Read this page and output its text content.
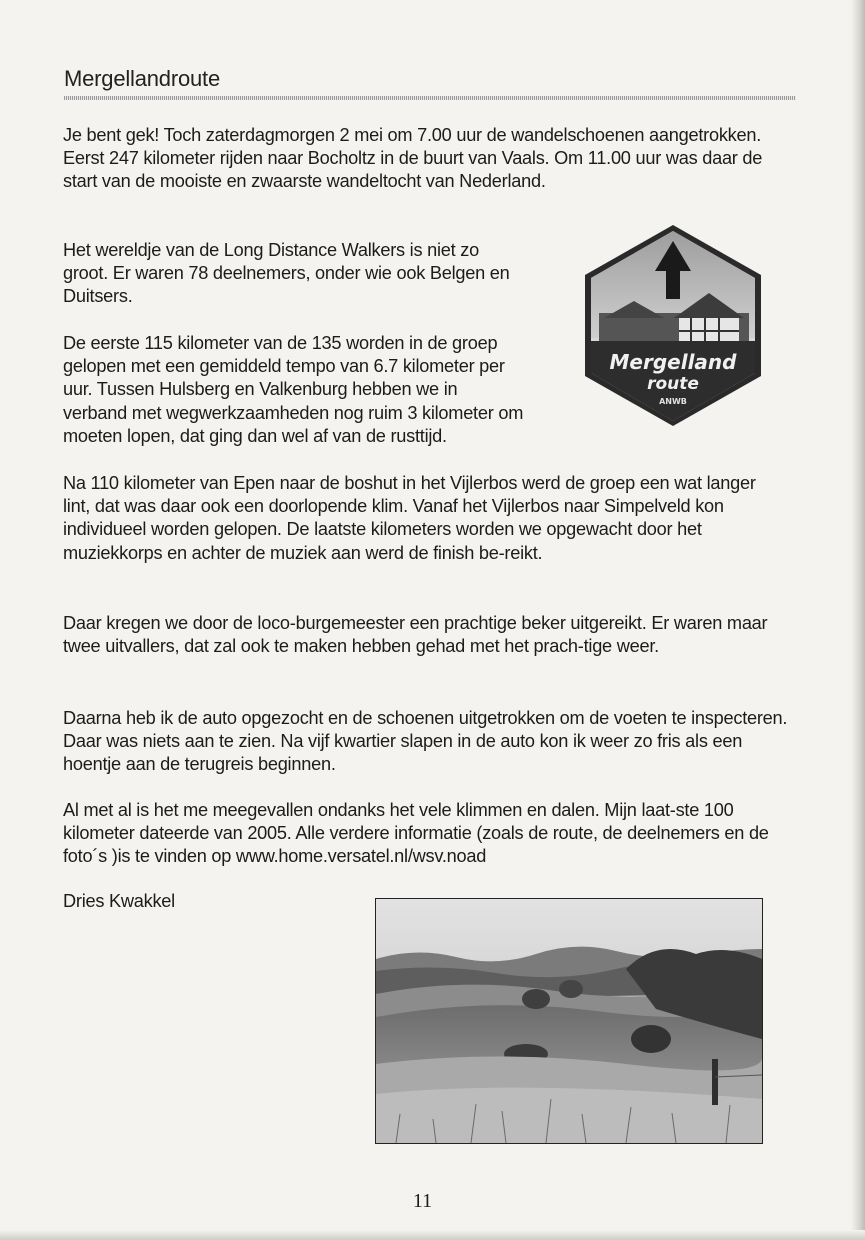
Mergellandroute

Je bent gek! Toch zaterdagmorgen 2 mei om 7.00 uur de wandelschoenen aangetrokken. Eerst 247 kilometer rijden naar Bocholtz in de buurt van Vaals. Om 11.00 uur was daar de start van de mooiste en zwaarste wandeltocht van Nederland.

Het wereldje van de Long Distance Walkers is niet zo groot. Er waren 78 deelnemers, onder wie ook Belgen en Duitsers.

De eerste 115 kilometer van de 135 worden in de groep gelopen met een gemiddeld tempo van 6.7 kilometer per uur. Tussen Hulsberg en Valkenburg hebben we in verband met wegwerkzaamheden nog ruim 3 kilometer om moeten lopen, dat ging dan wel af van de rusttijd.

Na 110 kilometer van Epen naar de boshut in het Vijlerbos werd de groep een wat langer lint, dat was daar ook een doorlopende klim. Vanaf het Vijlerbos naar Simpelveld kon individueel worden gelopen. De laatste kilometers worden we opgewacht door het muziekkorps en achter de muziek aan werd de finish be-reikt.

Daar kregen we door de loco-burgemeester een prachtige beker uitgereikt. Er waren maar twee uitvallers, dat zal ook te maken hebben gehad met het prach-tige weer.

Daarna heb ik de auto opgezocht en de schoenen uitgetrokken om de voeten te inspecteren. Daar was niets aan te zien. Na vijf kwartier slapen in de auto kon ik weer zo fris als een hoentje aan de terugreis beginnen.

Al met al is het me meegevallen ondanks het vele klimmen en dalen. Mijn laat-ste 100 kilometer dateerde van 2005. Alle verdere informatie (zoals de route, de deelnemers en de foto´s )is te vinden op www.home.versatel.nl/wsv.noad

Dries Kwakkel

Mergelland
route
ANWB
11
